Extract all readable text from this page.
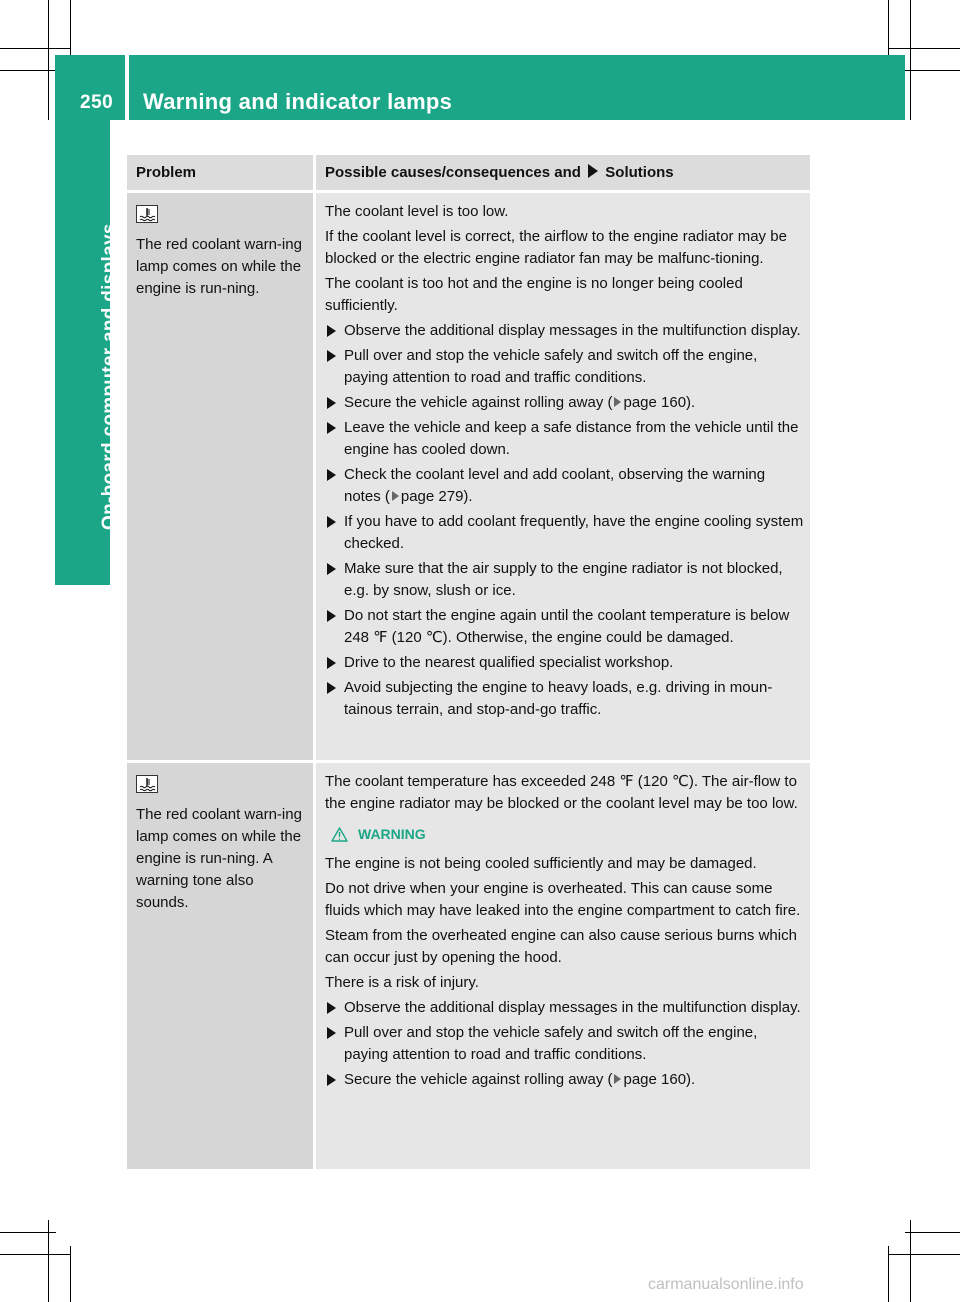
250 Warning and indicator lamps
On-board computer and displays
Problem	Possible causes/consequences and Solutions
The red coolant warn-ing lamp comes on while the engine is run-ning.
The coolant level is too low.
If the coolant level is correct, the airflow to the engine radiator may be blocked or the electric engine radiator fan may be malfunc-tioning.
The coolant is too hot and the engine is no longer being cooled sufficiently.
Observe the additional display messages in the multifunction display.
Pull over and stop the vehicle safely and switch off the engine, paying attention to road and traffic conditions.
Secure the vehicle against rolling away ( page 160).
Leave the vehicle and keep a safe distance from the vehicle until the engine has cooled down.
Check the coolant level and add coolant, observing the warning notes ( page 279).
If you have to add coolant frequently, have the engine cooling system checked.
Make sure that the air supply to the engine radiator is not blocked, e.g. by snow, slush or ice.
Do not start the engine again until the coolant temperature is below 248 ℉ (120 ℃). Otherwise, the engine could be damaged.
Drive to the nearest qualified specialist workshop.
Avoid subjecting the engine to heavy loads, e.g. driving in moun-tainous terrain, and stop-and-go traffic.
The red coolant warn-ing lamp comes on while the engine is run-ning. A warning tone also sounds.
The coolant temperature has exceeded 248 ℉ (120 ℃). The air-flow to the engine radiator may be blocked or the coolant level may be too low.
WARNING
The engine is not being cooled sufficiently and may be damaged.
Do not drive when your engine is overheated. This can cause some fluids which may have leaked into the engine compartment to catch fire.
Steam from the overheated engine can also cause serious burns which can occur just by opening the hood.
There is a risk of injury.
Observe the additional display messages in the multifunction display.
Pull over and stop the vehicle safely and switch off the engine, paying attention to road and traffic conditions.
Secure the vehicle against rolling away ( page 160).
carmanualsonline.info
